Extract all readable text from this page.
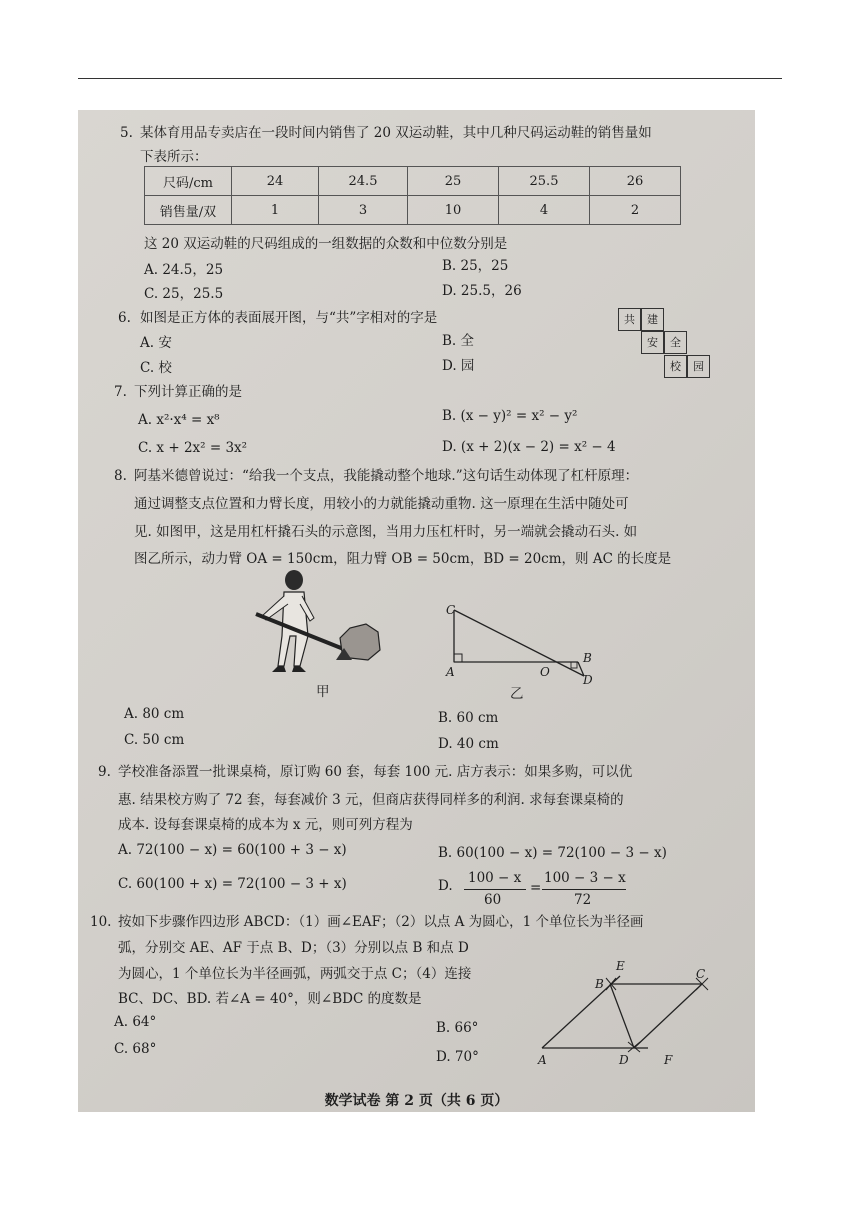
5. 某体育用品专卖店在一段时间内销售了 20 双运动鞋，其中几种尺码运动鞋的销售量如
下表所示：
尺码/cm	24	24.5	25	25.5	26
销售量/双	1	3	10	4	2
这 20 双运动鞋的尺码组成的一组数据的众数和中位数分别是
A. 24.5，25	B. 25，25
C. 25，25.5	D. 25.5，26
6. 如图是正方体的表面展开图，与“共”字相对的字是
A. 安	B. 全
C. 校	D. 园
共	建
安	全
校	园
7. 下列计算正确的是
A. x²·x⁴ = x⁸	B. (x − y)² = x² − y²
C. x + 2x² = 3x²	D. (x + 2)(x − 2) = x² − 4
8. 阿基米德曾说过：“给我一个支点，我能撬动整个地球.”这句话生动体现了杠杆原理：
通过调整支点位置和力臂长度，用较小的力就能撬动重物. 这一原理在生活中随处可
见. 如图甲，这是用杠杆撬石头的示意图，当用力压杠杆时，另一端就会撬动石头. 如
图乙所示，动力臂 OA = 150cm，阻力臂 OB = 50cm，BD = 20cm，则 AC 的长度是
甲
C
A	O
B
D
乙
A. 80 cm	B. 60 cm
C. 50 cm	D. 40 cm
9. 学校准备添置一批课桌椅，原订购 60 套，每套 100 元. 店方表示：如果多购，可以优
惠. 结果校方购了 72 套，每套减价 3 元，但商店获得同样多的利润. 求每套课桌椅的
成本. 设每套课桌椅的成本为 x 元，则可列方程为
A. 72(100 − x) = 60(100 + 3 − x)	B. 60(100 − x) = 72(100 − 3 − x)
C. 60(100 + x) = 72(100 − 3 + x)	D. 100 − x
60
=
100 − 3 − x
72
10. 按如下步骤作四边形 ABCD：（1）画∠EAF；（2）以点 A 为圆心，1 个单位长为半径画
弧，分别交 AE、AF 于点 B、D；（3）分别以点 B 和点 D
为圆心，1 个单位长为半径画弧，两弧交于点 C；（4）连接
BC、DC、BD. 若∠A = 40°，则∠BDC 的度数是
A. 64°	B. 66°
C. 68°	D. 70°
E
B
C
A	D	F
数学试卷 第 2 页（共 6 页）
